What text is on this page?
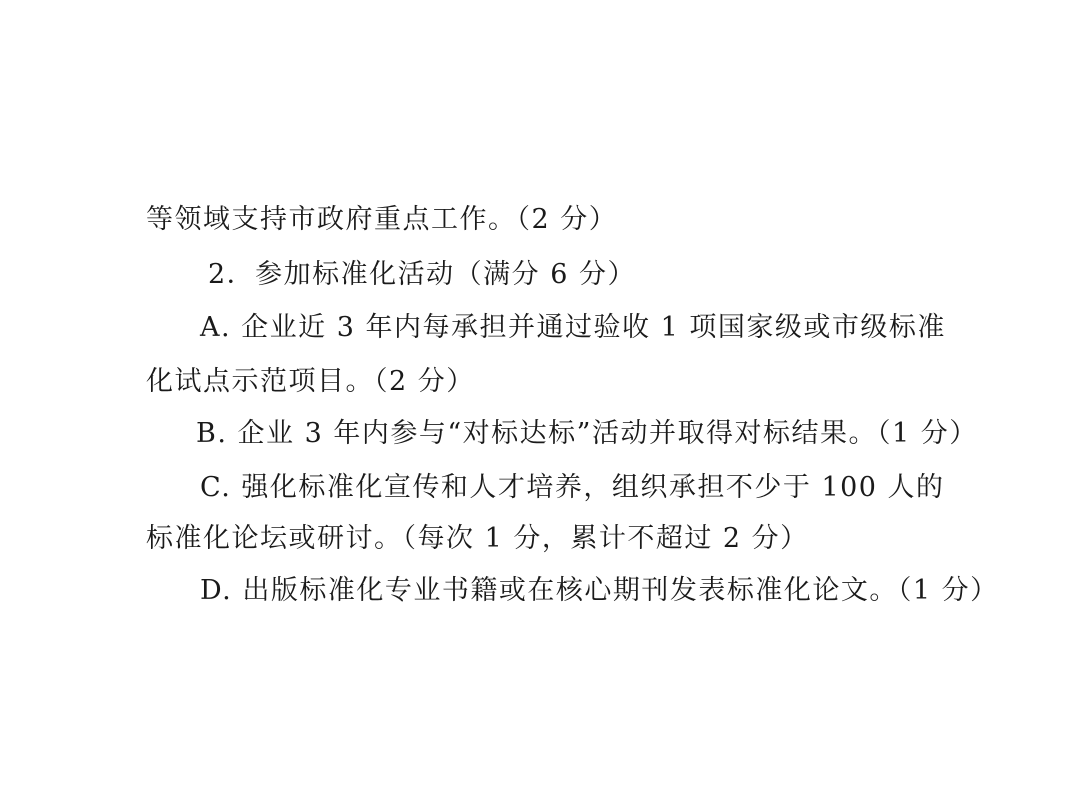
等领域支持市政府重点工作。（2 分）
2．参加标准化活动（满分 6 分）
A. 企业近 3 年内每承担并通过验收 1 项国家级或市级标准
化试点示范项目。（2 分）
B. 企业 3 年内参与“对标达标”活动并取得对标结果。（1 分）
C. 强化标准化宣传和人才培养，组织承担不少于 100 人的
标准化论坛或研讨。（每次 1 分，累计不超过 2 分）
D. 出版标准化专业书籍或在核心期刊发表标准化论文。（1 分）
